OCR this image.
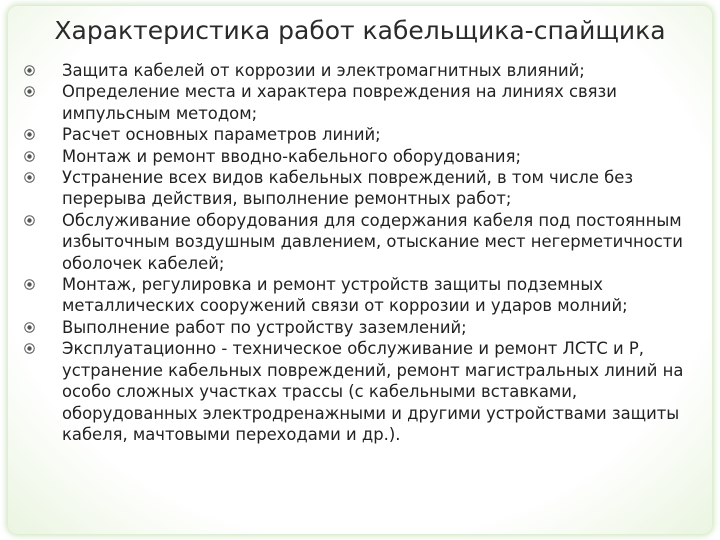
Характеристика работ кабельщика-спайщика
Защита кабелей от коррозии и электромагнитных влияний;
Определение места и характера повреждения на линиях связи импульсным методом;
Расчет основных параметров линий;
Монтаж и ремонт вводно-кабельного оборудования;
Устранение всех видов кабельных повреждений, в том числе без перерыва действия, выполнение ремонтных работ;
Обслуживание оборудования для содержания кабеля под постоянным избыточным воздушным давлением, отыскание мест негерметичности оболочек кабелей;
Монтаж, регулировка и ремонт устройств защиты подземных металлических сооружений связи от коррозии и ударов молний;
Выполнение работ по устройству заземлений;
Эксплуатационно - техническое обслуживание и ремонт ЛСТС и Р, устранение кабельных повреждений, ремонт магистральных линий на особо сложных участках трассы (с кабельными вставками, оборудованных электродренажными и другими устройствами защиты кабеля, мачтовыми переходами и др.).
